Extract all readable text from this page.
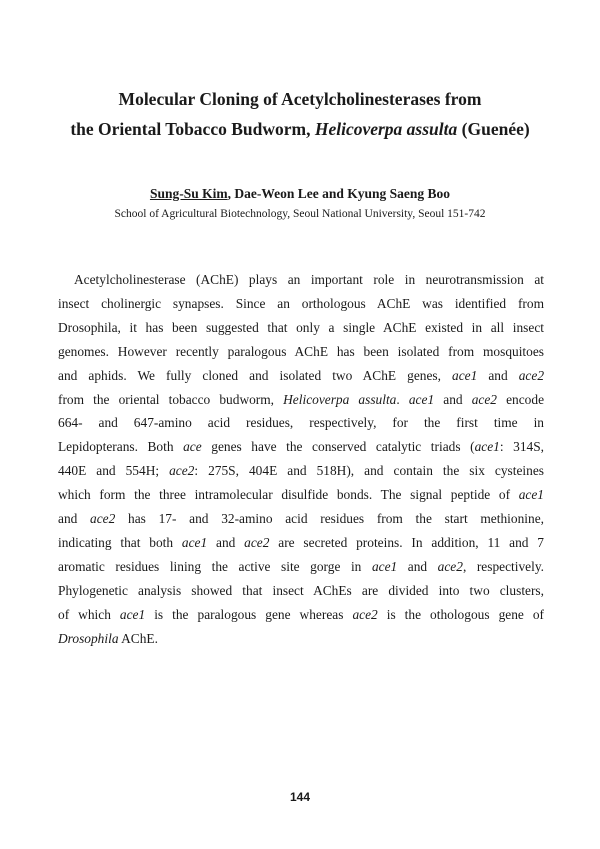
Molecular Cloning of Acetylcholinesterases from
the Oriental Tobacco Budworm, Helicoverpa assulta (Guenée)
Sung-Su Kim, Dae-Weon Lee and Kyung Saeng Boo
School of Agricultural Biotechnology, Seoul National University, Seoul 151-742
Acetylcholinesterase (AChE) plays an important role in neurotransmission at
insect cholinergic synapses. Since an orthologous AChE was identified from
Drosophila, it has been suggested that only a single AChE existed in all insect
genomes. However recently paralogous AChE has been isolated from mosquitoes
and aphids. We fully cloned and isolated two AChE genes, ace1 and ace2
from the oriental tobacco budworm, Helicoverpa assulta. ace1 and ace2 encode
664- and 647-amino acid residues, respectively, for the first time in
Lepidopterans. Both ace genes have the conserved catalytic triads (ace1: 314S,
440E and 554H; ace2: 275S, 404E and 518H), and contain the six cysteines
which form the three intramolecular disulfide bonds. The signal peptide of ace1
and ace2 has 17- and 32-amino acid residues from the start methionine,
indicating that both ace1 and ace2 are secreted proteins. In addition, 11 and 7
aromatic residues lining the active site gorge in ace1 and ace2, respectively.
Phylogenetic analysis showed that insect AChEs are divided into two clusters,
of which ace1 is the paralogous gene whereas ace2 is the othologous gene of
Drosophila AChE.
144
